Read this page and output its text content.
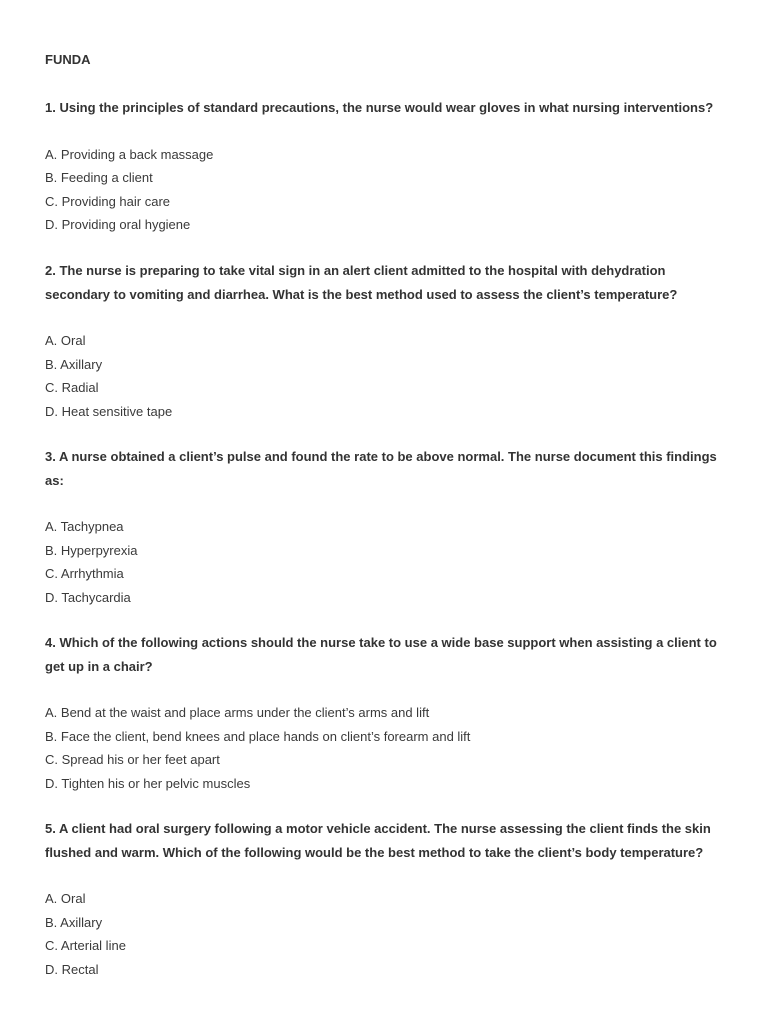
FUNDA

1. Using the principles of standard precautions, the nurse would wear gloves in what nursing interventions?

A. Providing a back massage
B. Feeding a client
C. Providing hair care
D. Providing oral hygiene

2. The nurse is preparing to take vital sign in an alert client admitted to the hospital with dehydration secondary to vomiting and diarrhea. What is the best method used to assess the client’s temperature?

A. Oral
B. Axillary
C. Radial
D. Heat sensitive tape

3. A nurse obtained a client’s pulse and found the rate to be above normal. The nurse document this findings as:

A. Tachypnea
B. Hyperpyrexia
C. Arrhythmia
D. Tachycardia

4. Which of the following actions should the nurse take to use a wide base support when assisting a client to get up in a chair?

A. Bend at the waist and place arms under the client’s arms and lift
B. Face the client, bend knees and place hands on client’s forearm and lift
C. Spread his or her feet apart
D. Tighten his or her pelvic muscles

5. A client had oral surgery following a motor vehicle accident. The nurse assessing the client finds the skin flushed and warm. Which of the following would be the best method to take the client’s body temperature?

A. Oral
B. Axillary
C. Arterial line
D. Rectal
